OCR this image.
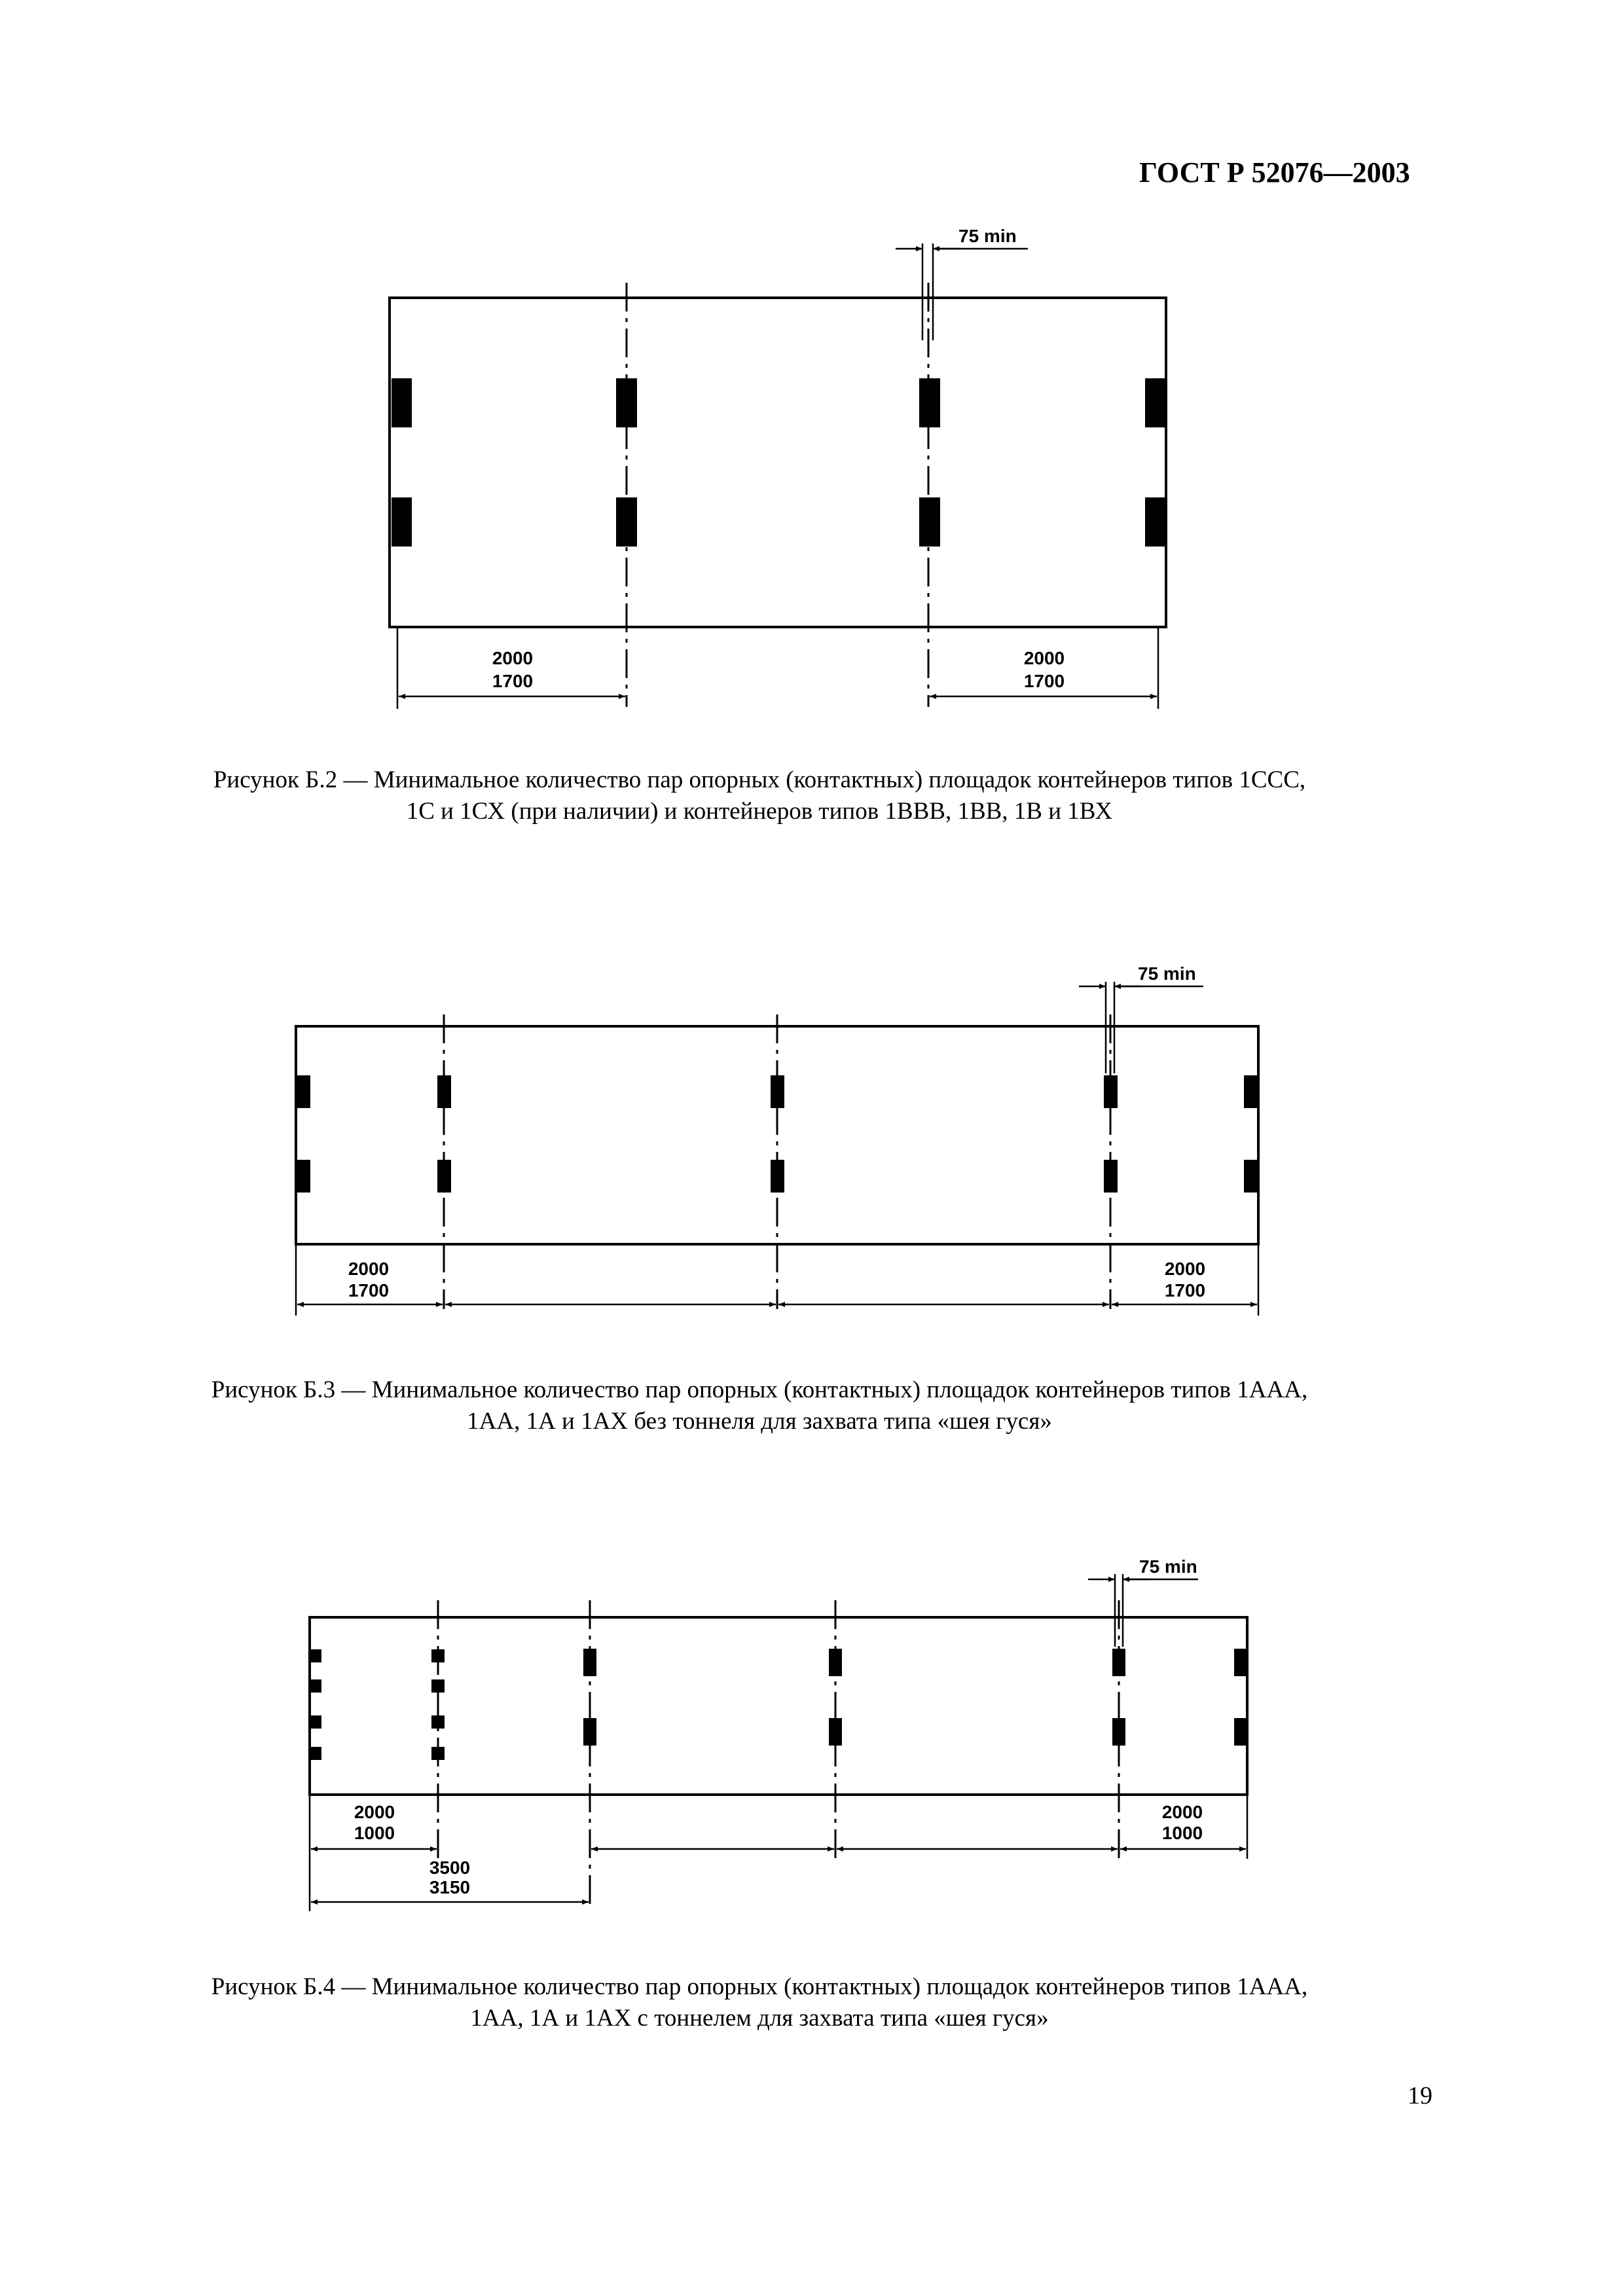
ГОСТ Р 52076—2003
75 min
2000
1700
2000
1700
75 min
2000
1700
2000
1700
75 min
2000
1000
2000
1000
3500
3150
Рисунок Б.2 — Минимальное количество пар опорных (контактных) площадок контейнеров типов 1ССС,
1С и 1СХ (при наличии) и контейнеров типов 1ВВВ, 1ВВ, 1В и 1ВХ
Рисунок Б.3 — Минимальное количество пар опорных (контактных) площадок контейнеров типов 1ААА,
1АА, 1А и 1АХ без тоннеля для захвата типа «шея гуся»
Рисунок Б.4 — Минимальное количество пар опорных (контактных) площадок контейнеров типов 1ААА,
1АА, 1А и 1АХ с тоннелем для захвата типа «шея гуся»
19
